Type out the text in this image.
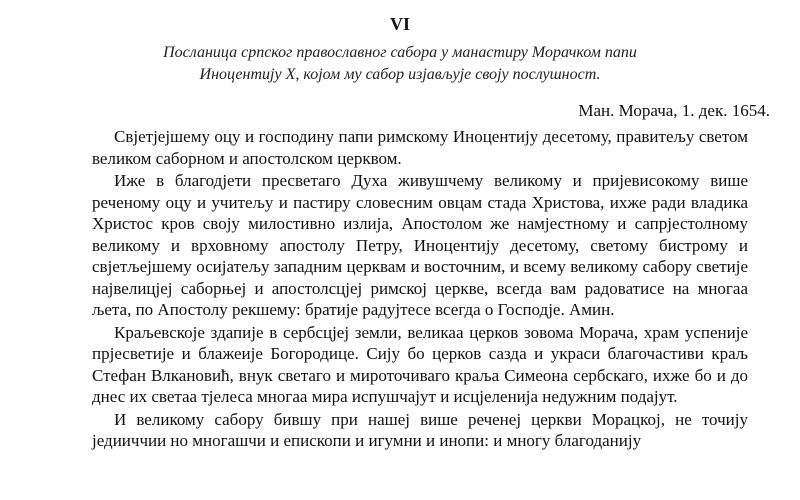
VI
Посланица српског православног сабора у манастиру Морачком папи
Иноцентију X, којом му сабор изјављује своју послушност.
Ман. Морача, 1. дек. 1654.

Свјетјејшему оцу и господину папи римскому Иноцентију десетому, правитељу светом великом саборном и апостолском церквом.

Иже в благодјети пресветаго Духа живушчему великому и пријевисокому више реченому оцу и учитељу и пастиру словесним овцам стада Христова, ихже ради владика Христос кров своју милостивно излија, Апостолом же намјестному и сапрјестолному великому и врховному апостолу Петру, Иноцентију десетому, светому бистрому и свјетљејшему осијатељу западним церквам и восточним, и всему великому сабору светије највелицјеј саборњеј и апостолсцјеј римској церкве, всегда вам радоватисе на многаа љета, по Апостолу рекшему: братије радујтесе всегда о Господје. Амин.

Краљевскоје здапије в сербсцјеј земли, великаа церков зовома Морача, храм успеније прјесветије и блажеије Богородице. Сију бо церков сазда и украси благочастиви краљ Стефан Влкановић, внук светаго и мироточиваго краља Симеона сербскаго, ихже бо и до днес их светаа тјелеса многаа мира испушчајут и исцјеленија недужним подајут.

И великому сабору бившу при нашеј више реченеј церкви Морацкој, не точију једииччии но многашчи и епископи и игумни и инопи: и многу благоданију
